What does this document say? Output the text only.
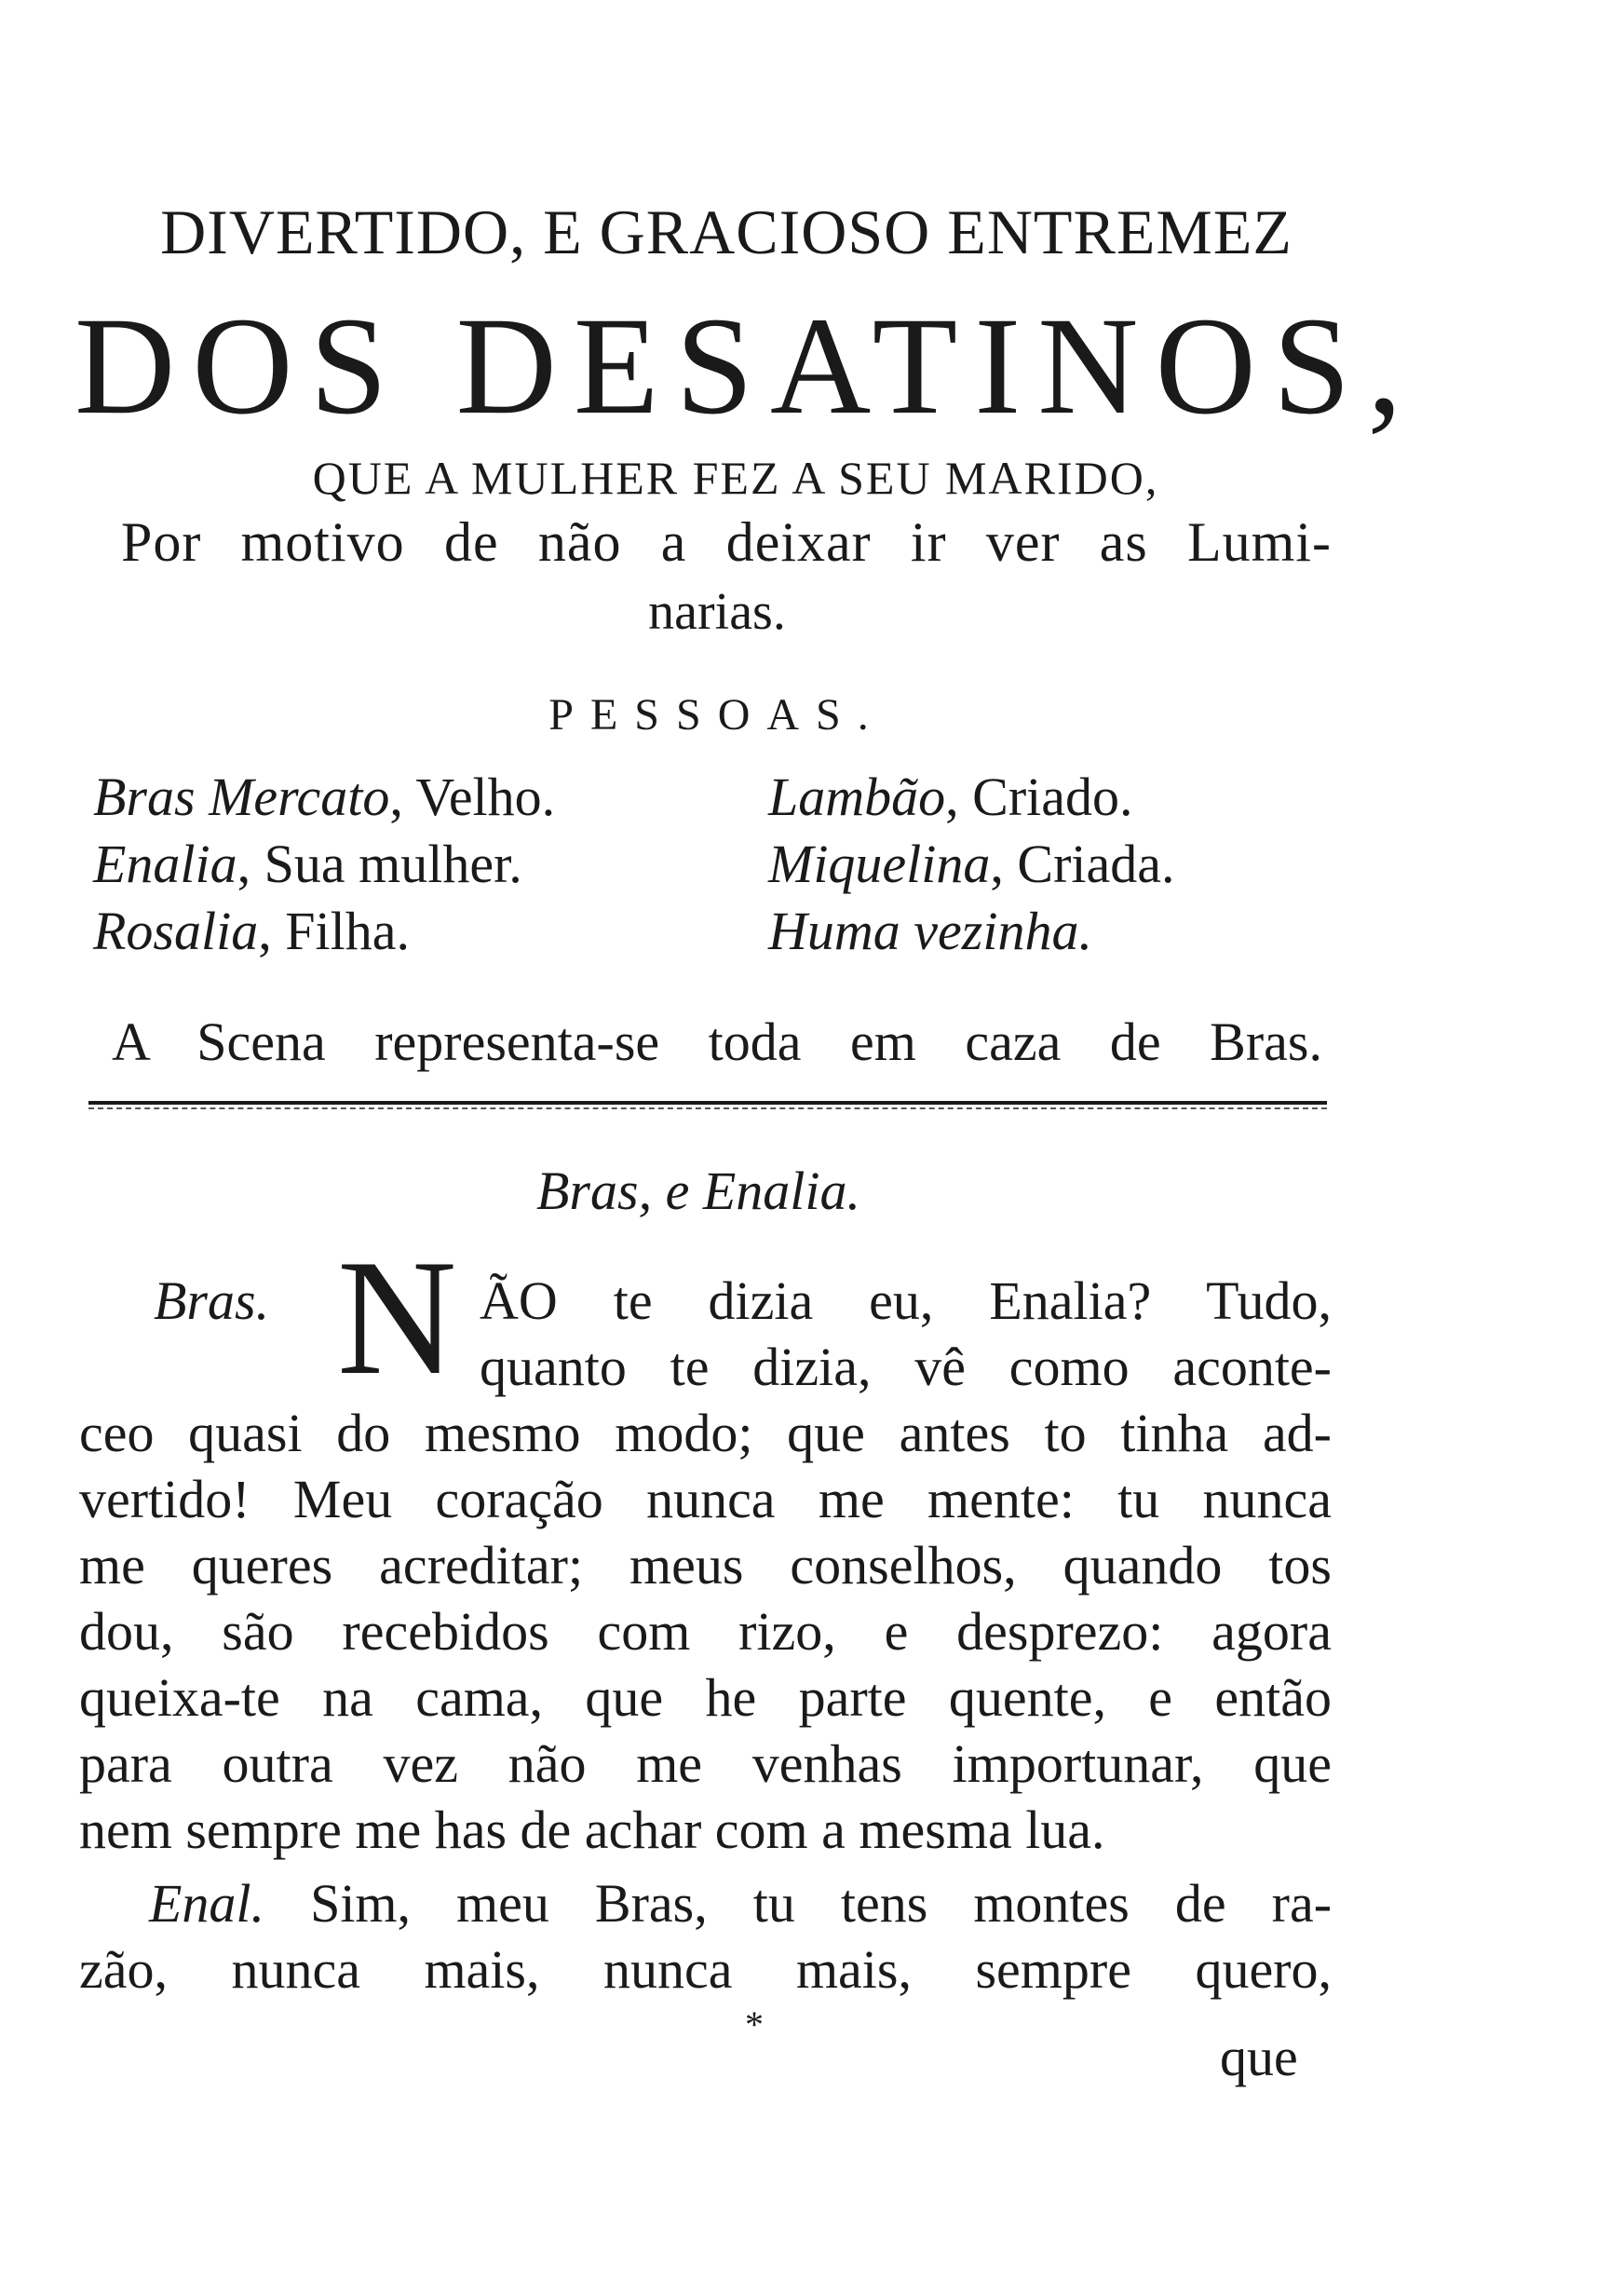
DIVERTIDO, E GRACIOSO ENTREMEZ
DOS DESATINOS,
QUE A MULHER FEZ A SEU MARIDO,
Por motivo de não a deixar ir ver as Lumi-
narias.
PESSOAS.
Bras Mercato, Velho.
Enalia, Sua mulher.
Rosalia, Filha.
Lambão, Criado.
Miquelina, Criada.
Huma vezinha.
A Scena representa-se toda em caza de Bras.
Bras, e Enalia.
Bras. N ÃO te dizia eu, Enalia? Tudo,
quanto te dizia, vê como aconte-
ceo quasi do mesmo modo; que antes to tinha ad-
vertido! Meu coração nunca me mente: tu nunca
me queres acreditar; meus conselhos, quando tos
dou, são recebidos com rizo, e desprezo: agora
queixa-te na cama, que he parte quente, e então
para outra vez não me venhas importunar, que
nem sempre me has de achar com a mesma lua.
Enal. Sim, meu Bras, tu tens montes de ra-
zão, nunca mais, nunca mais, sempre quero,
*
que
